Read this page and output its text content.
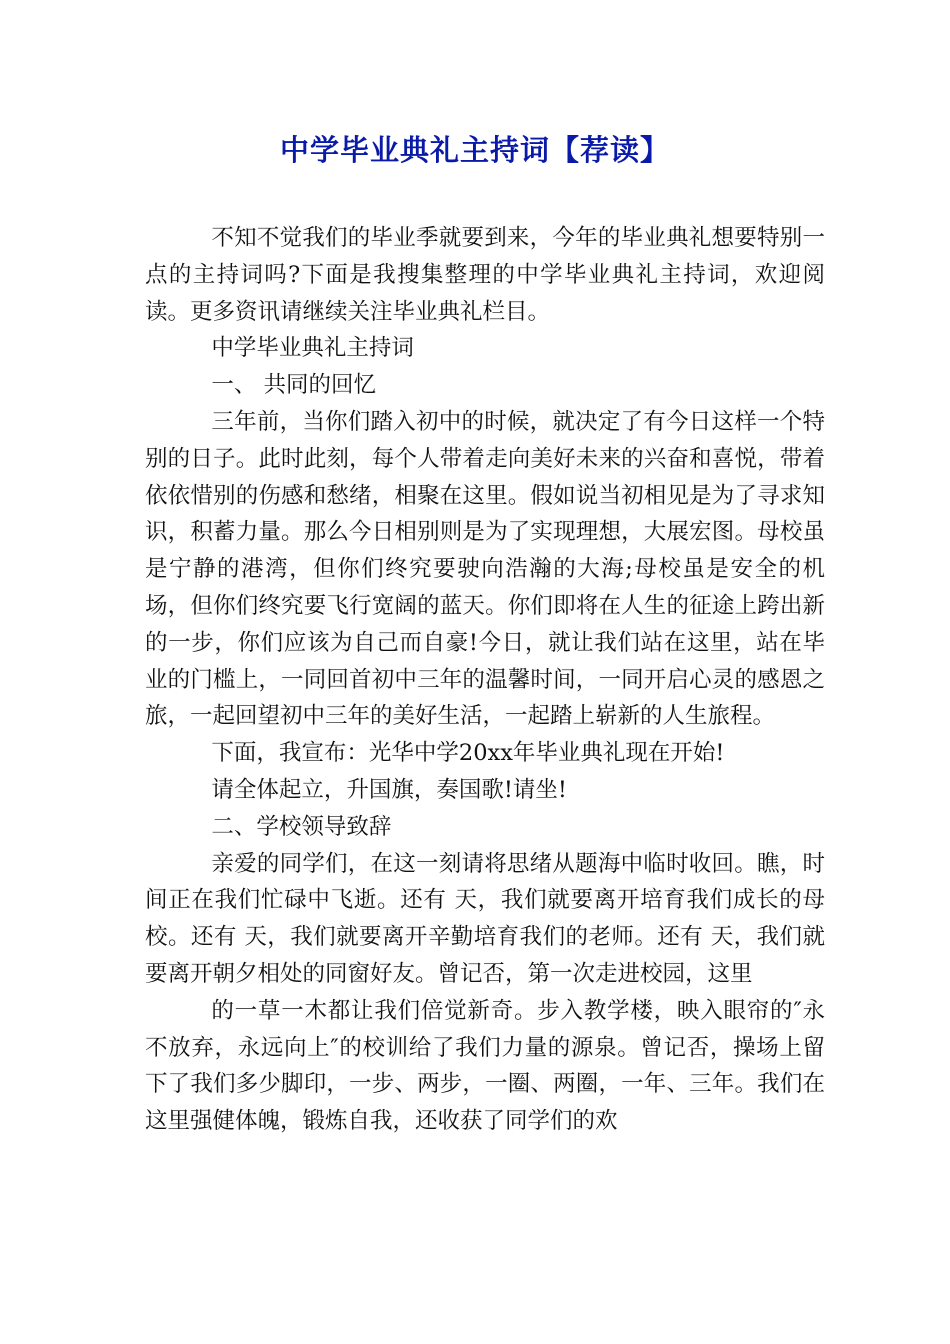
中学毕业典礼主持词【荐读】

不知不觉我们的毕业季就要到来，今年的毕业典礼想要特别一点的主持词吗?下面是我搜集整理的中学毕业典礼主持词，欢迎阅读。更多资讯请继续关注毕业典礼栏目。

中学毕业典礼主持词

一、 共同的回忆

三年前，当你们踏入初中的时候，就决定了有今日这样一个特别的日子。此时此刻，每个人带着走向美好未来的兴奋和喜悦，带着依依惜别的伤感和愁绪，相聚在这里。假如说当初相见是为了寻求知识，积蓄力量。那么今日相别则是为了实现理想，大展宏图。母校虽是宁静的港湾，但你们终究要驶向浩瀚的大海;母校虽是安全的机场，但你们终究要飞行宽阔的蓝天。你们即将在人生的征途上跨出新的一步，你们应该为自己而自豪!今日，就让我们站在这里，站在毕业的门槛上，一同回首初中三年的温馨时间，一同开启心灵的感恩之旅，一起回望初中三年的美好生活，一起踏上崭新的人生旅程。

下面，我宣布：光华中学20xx年毕业典礼现在开始!

请全体起立，升国旗，奏国歌!请坐!

二、学校领导致辞

亲爱的同学们，在这一刻请将思绪从题海中临时收回。瞧，时间正在我们忙碌中飞逝。还有 天，我们就要离开培育我们成长的母校。还有 天，我们就要离开辛勤培育我们的老师。还有 天，我们就要离开朝夕相处的同窗好友。曾记否，第一次走进校园，这里

的一草一木都让我们倍觉新奇。步入教学楼，映入眼帘的″永不放弃，永远向上″的校训给了我们力量的源泉。曾记否，操场上留下了我们多少脚印，一步、两步，一圈、两圈，一年、三年。我们在这里强健体魄，锻炼自我，还收获了同学们的欢
